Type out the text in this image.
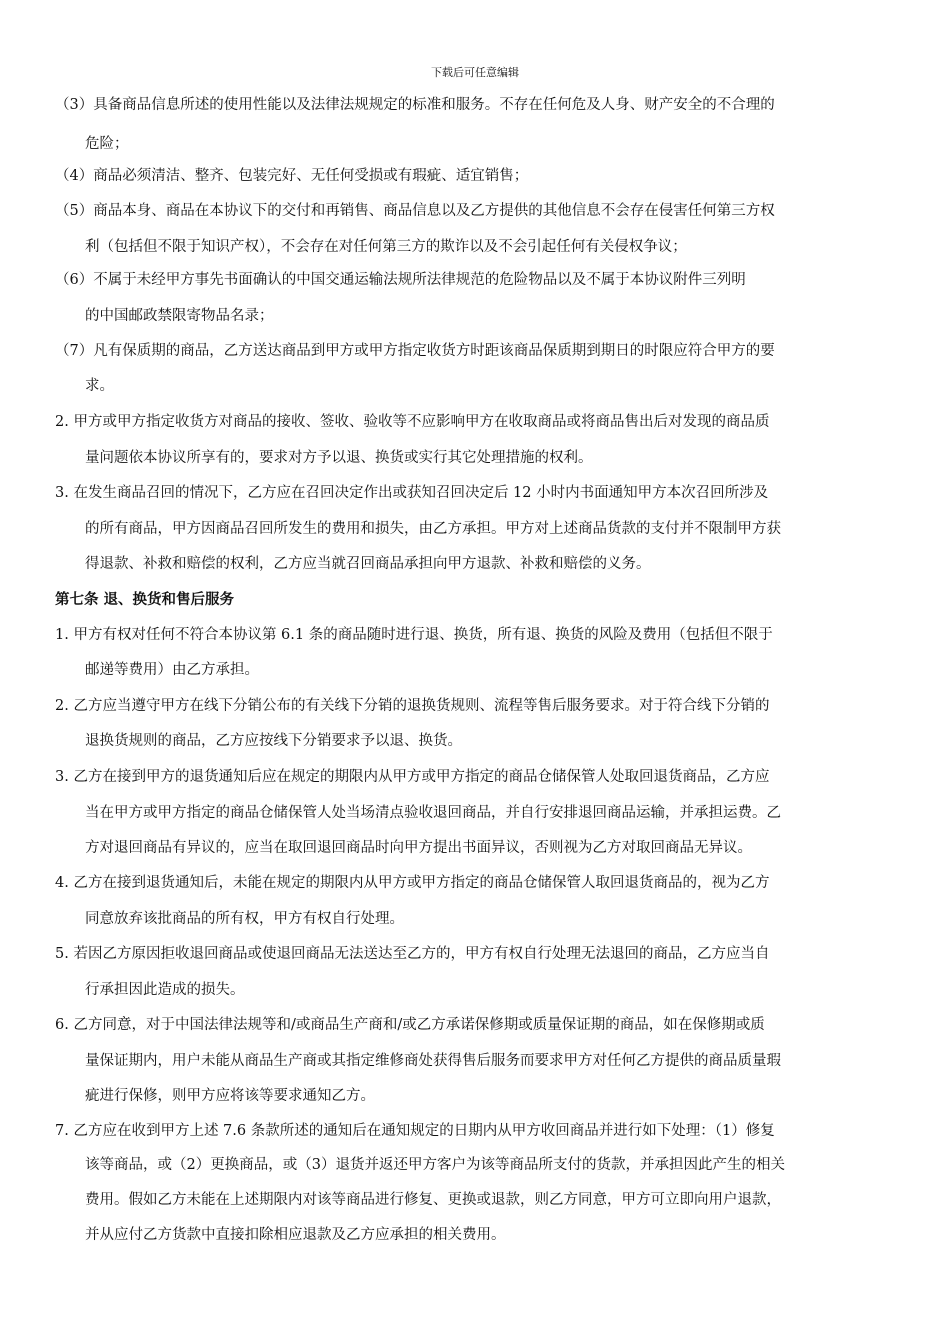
下载后可任意编辑
（3）具备商品信息所述的使用性能以及法律法规规定的标准和服务。不存在任何危及人身、财产安全的不合理的
危险；
（4）商品必须清洁、整齐、包装完好、无任何受损或有瑕疵、适宜销售；
（5）商品本身、商品在本协议下的交付和再销售、商品信息以及乙方提供的其他信息不会存在侵害任何第三方权
利（包括但不限于知识产权），不会存在对任何第三方的欺诈以及不会引起任何有关侵权争议；
（6）不属于未经甲方事先书面确认的中国交通运输法规所法律规范的危险物品以及不属于本协议附件三列明
的中国邮政禁限寄物品名录；
（7）凡有保质期的商品，乙方送达商品到甲方或甲方指定收货方时距该商品保质期到期日的时限应符合甲方的要
求。
2. 甲方或甲方指定收货方对商品的接收、签收、验收等不应影响甲方在收取商品或将商品售出后对发现的商品质
量问题依本协议所享有的，要求对方予以退、换货或实行其它处理措施的权利。
3. 在发生商品召回的情况下，乙方应在召回决定作出或获知召回决定后 12 小时内书面通知甲方本次召回所涉及
的所有商品，甲方因商品召回所发生的费用和损失，由乙方承担。甲方对上述商品货款的支付并不限制甲方获
得退款、补救和赔偿的权利，乙方应当就召回商品承担向甲方退款、补救和赔偿的义务。
第七条 退、换货和售后服务
1. 甲方有权对任何不符合本协议第 6.1 条的商品随时进行退、换货，所有退、换货的风险及费用（包括但不限于
邮递等费用）由乙方承担。
2. 乙方应当遵守甲方在线下分销公布的有关线下分销的退换货规则、流程等售后服务要求。对于符合线下分销的
退换货规则的商品，乙方应按线下分销要求予以退、换货。
3. 乙方在接到甲方的退货通知后应在规定的期限内从甲方或甲方指定的商品仓储保管人处取回退货商品，乙方应
当在甲方或甲方指定的商品仓储保管人处当场清点验收退回商品，并自行安排退回商品运输，并承担运费。乙
方对退回商品有异议的，应当在取回退回商品时向甲方提出书面异议，否则视为乙方对取回商品无异议。
4. 乙方在接到退货通知后，未能在规定的期限内从甲方或甲方指定的商品仓储保管人取回退货商品的，视为乙方
同意放弃该批商品的所有权，甲方有权自行处理。
5. 若因乙方原因拒收退回商品或使退回商品无法送达至乙方的，甲方有权自行处理无法退回的商品，乙方应当自
行承担因此造成的损失。
6. 乙方同意，对于中国法律法规等和/或商品生产商和/或乙方承诺保修期或质量保证期的商品，如在保修期或质
量保证期内，用户未能从商品生产商或其指定维修商处获得售后服务而要求甲方对任何乙方提供的商品质量瑕
疵进行保修，则甲方应将该等要求通知乙方。
7. 乙方应在收到甲方上述 7.6 条款所述的通知后在通知规定的日期内从甲方收回商品并进行如下处理：（1）修复
该等商品，或（2）更换商品，或（3）退货并返还甲方客户为该等商品所支付的货款，并承担因此产生的相关
费用。假如乙方未能在上述期限内对该等商品进行修复、更换或退款，则乙方同意，甲方可立即向用户退款，
并从应付乙方货款中直接扣除相应退款及乙方应承担的相关费用。
